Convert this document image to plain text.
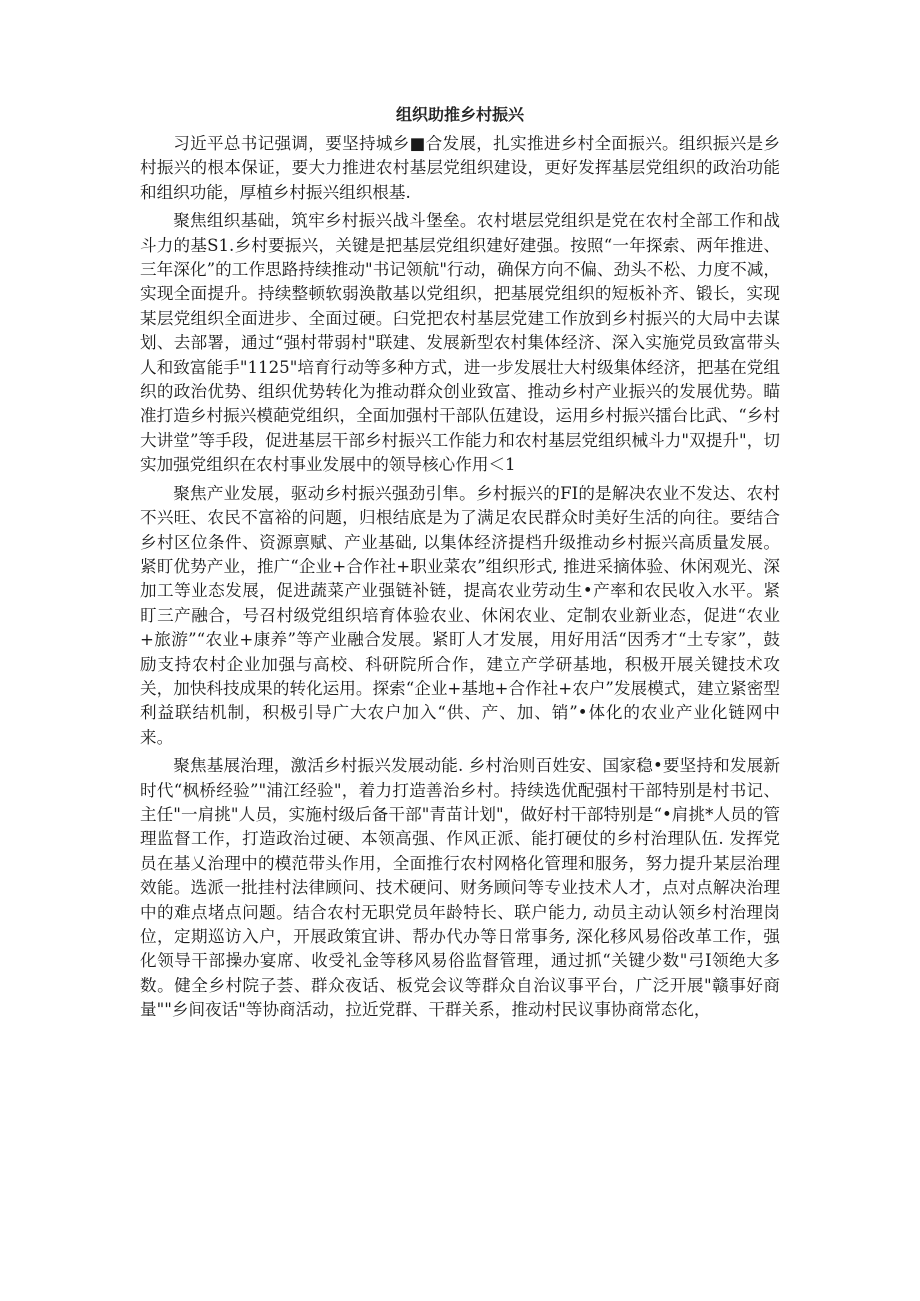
组织助推乡村振兴

习近平总书记强调，要坚持城乡■合发展，扎实推进乡村全面振兴。组织振兴是乡村振兴的根本保证，要大力推进农村基层党组织建设，更好发挥基层党组织的政治功能和组织功能，厚植乡村振兴组织根基.

聚焦组织基础，筑牢乡村振兴战斗堡垒。农村堪层党组织是党在农村全部工作和战斗力的基S1.乡村要振兴，关键是把基层党组织建好建强。按照“一年探索、两年推进、三年深化”的工作思路持续推动"书记领航"行动，确保方向不偏、劲头不松、力度不减，实现全面提升。持续整顿软弱涣散基以党组织，把基展党组织的短板补齐、锻长，实现某层党组织全面进步、全面过硬。臼党把农村基层党建工作放到乡村振兴的大局中去谋划、去部署，通过“强村带弱村"联建、发展新型农村集体经济、深入实施党员致富带头人和致富能手"1125"培育行动等多种方式，进一步发展壮大村级集体经济，把基在党组织的政治优势、组织优势转化为推动群众创业致富、推动乡村产业振兴的发展优势。瞄准打造乡村振兴模葩党组织，全面加强村干部队伍建设，运用乡村振兴擂台比武、“乡村大讲堂”等手段，促进基层干部乡村振兴工作能力和农村基层党组织械斗力"双提升"，切实加强党组织在农村事业发展中的领导核心作用＜1

聚焦产业发展，驱动乡村振兴强劲引隼。乡村振兴的FI的是解决农业不发达、农村不兴旺、农民不富裕的问题，归根结底是为了满足农民群众时美好生活的向往。要结合乡村区位条件、资源禀赋、产业基础, 以集体经济提档升级推动乡村振兴高质量发展。紧盯优势产业，推广“企业+合作社+职业菜农”组织形式, 推进采摘体验、休闲观光、深加工等业态发展，促进蔬菜产业强链补链，提高农业劳动生•产率和农民收入水平。紧盯三产融合，号召村级党组织培育体验农业、休闲农业、定制农业新业态，促进“农业+旅游”“农业+康养”等产业融合发展。紧盯人才发展，用好用活“因秀才“土专家”，鼓励支持农村企业加强与高校、科研院所合作，建立产学研基地，积极开展关键技术攻关，加快科技成果的转化运用。探索“企业+基地+合作社+农户”发展模式，建立紧密型利益联结机制，积极引导广大农户加入“供、产、加、销”•体化的农业产业化链网中来。

聚焦基展治理，激活乡村振兴发展动能. 乡村治则百姓安、国家稳•要坚持和发展新时代“枫桥经验”"浦江经验"，着力打造善治乡村。持续选优配强村干部特别是村书记、主任"一肩挑"人员，实施村级后备干部"青苗计划"，做好村干部特别是“•肩挑*人员的管理监督工作，打造政治过硬、本领高强、作风正派、能打硬仗的乡村治理队伍. 发挥党员在基乂治理中的模范带头作用，全面推行农村网格化管理和服务，努力提升某层治理效能。选派一批挂村法律顾问、技术硬问、财务顾问等专业技术人才，点对点解决治理中的难点堵点问题。结合农村无职党员年龄特长、联户能力, 动员主动认领乡村治理岗位，定期巡访入户，开展政策宜讲、帮办代办等日常事务, 深化移风易俗改革工作，强化领导干部操办宴席、收受礼金等移风易俗监督管理，通过抓“关键少数"弓I领绝大多数。健全乡村院子荟、群众夜话、板党会议等群众自治议事平台，广泛开展"赣事好商量""乡间夜话"等协商活动，拉近党群、干群关系，推动村民议事协商常态化，
